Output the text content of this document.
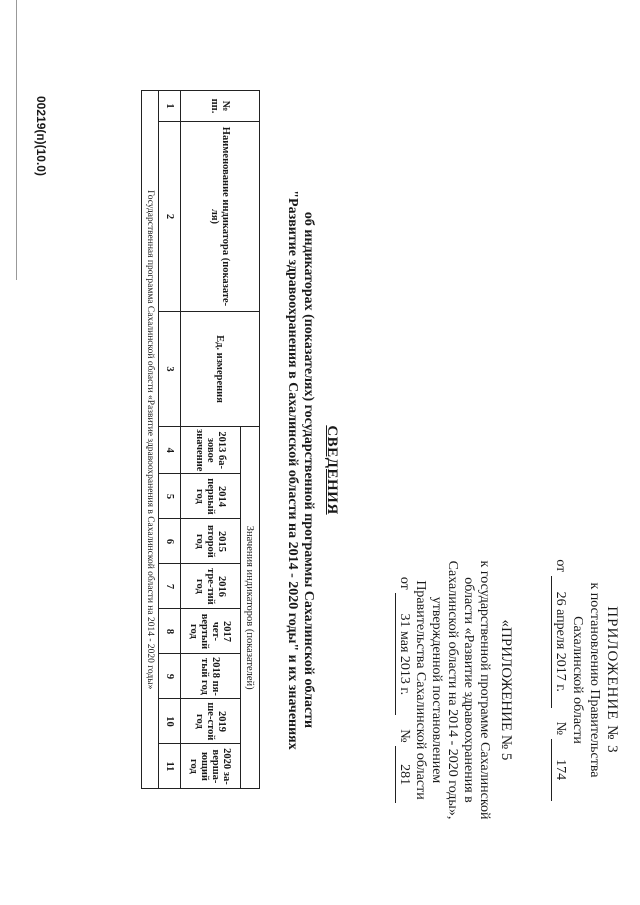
ПРИЛОЖЕНИЕ № 3
к постановлению Правительства
Сахалинской области
от 26 апреля 2017 г.    № 174
«ПРИЛОЖЕНИЕ № 5
к государственной программе Сахалинской
области «Развитие здравоохранения в
Сахалинской области на 2014 - 2020 годы»,
утвержденной постановлением
Правительства Сахалинской области
от 31 мая 2013 г.    № 281
СВЕДЕНИЯ
об индикаторах (показателях) государственной программы Сахалинской области
"Развитие здравоохранения в Сахалинской области на 2014 - 2020 годы" и их значениях
№ пп.	Наименование индикатора (показате-ля)	Ед. измерения	Значения индикаторов (показателей)							
			2013 ба-зовое значение	2014 первый год	2015 второй год	2016 тре-тий год	2017 чет-вертый год	2018 пя-тый год	2019 ше-стой год	2020 за-верша-ющий год
1	2	3	4	5	6	7	8	9	10	11
Государственная программа Сахалинской области «Развитие здравоохранения в Сахалинской области на 2014 - 2020 годы»										
00219(п)(10.0)
